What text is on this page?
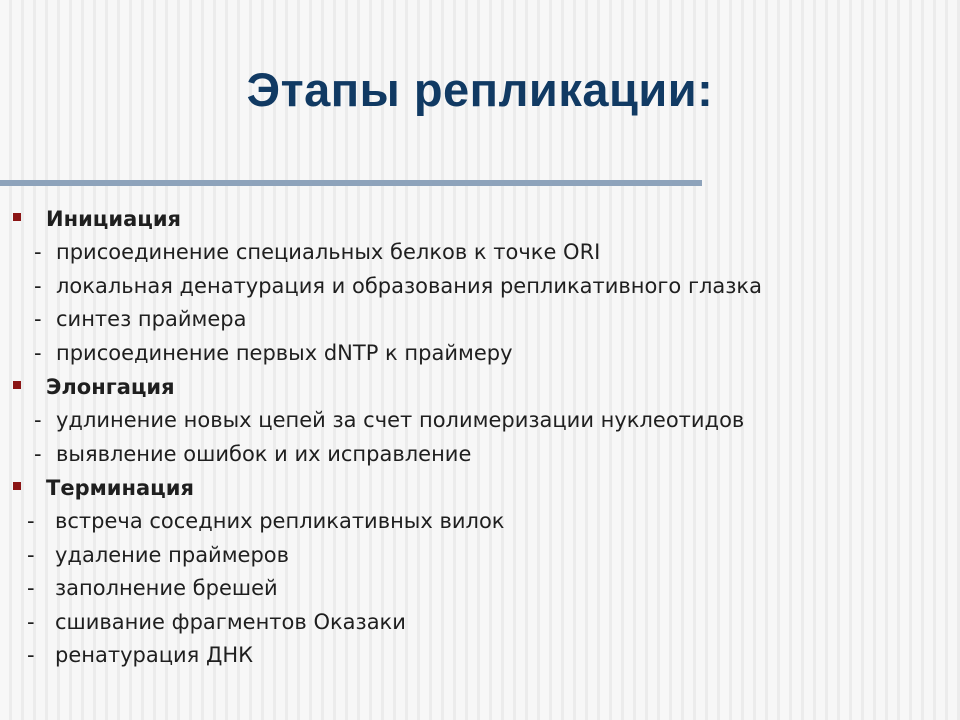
Этапы репликации:
Инициация
- присоединение специальных белков к точке ORI
- локальная денатурация и образования репликативного глазка
- синтез праймера
- присоединение первых dNTP к праймеру
Элонгация
- удлинение новых цепей за счет полимеризации нуклеотидов
- выявление ошибок и их исправление
Терминация
- встреча соседних репликативных вилок
- удаление праймеров
- заполнение брешей
- сшивание фрагментов Оказаки
- ренатурация ДНК
